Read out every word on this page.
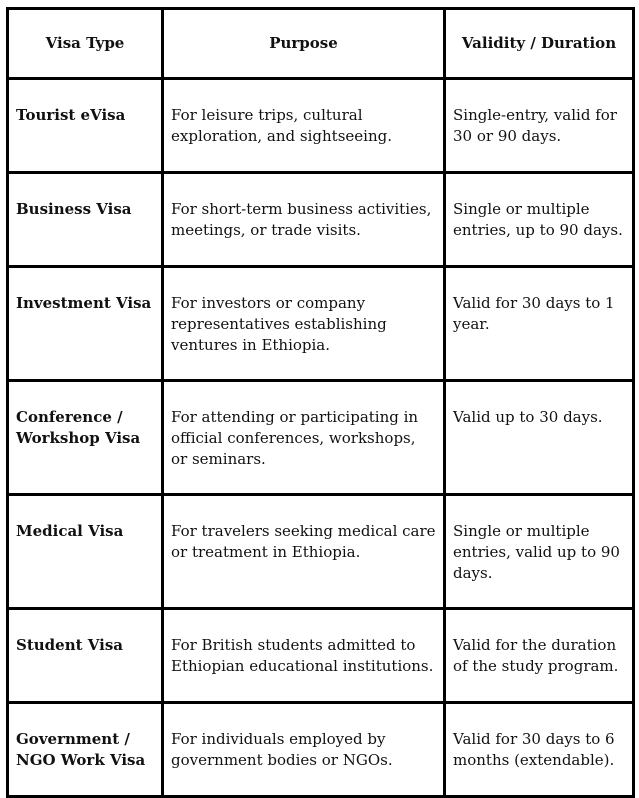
Visa Type	Purpose	Validity / Duration
Tourist eVisa	For leisure trips, cultural exploration, and sightseeing.	Single-entry, valid for 30 or 90 days.
Business Visa	For short-term business activities, meetings, or trade visits.	Single or multiple entries, up to 90 days.
Investment Visa	For investors or company representatives establishing ventures in Ethiopia.	Valid for 30 days to 1 year.
Conference / Workshop Visa	For attending or participating in official conferences, workshops, or seminars.	Valid up to 30 days.
Medical Visa	For travelers seeking medical care or treatment in Ethiopia.	Single or multiple entries, valid up to 90 days.
Student Visa	For British students admitted to Ethiopian educational institutions.	Valid for the duration of the study program.
Government / NGO Work Visa	For individuals employed by government bodies or NGOs.	Valid for 30 days to 6 months (extendable).
